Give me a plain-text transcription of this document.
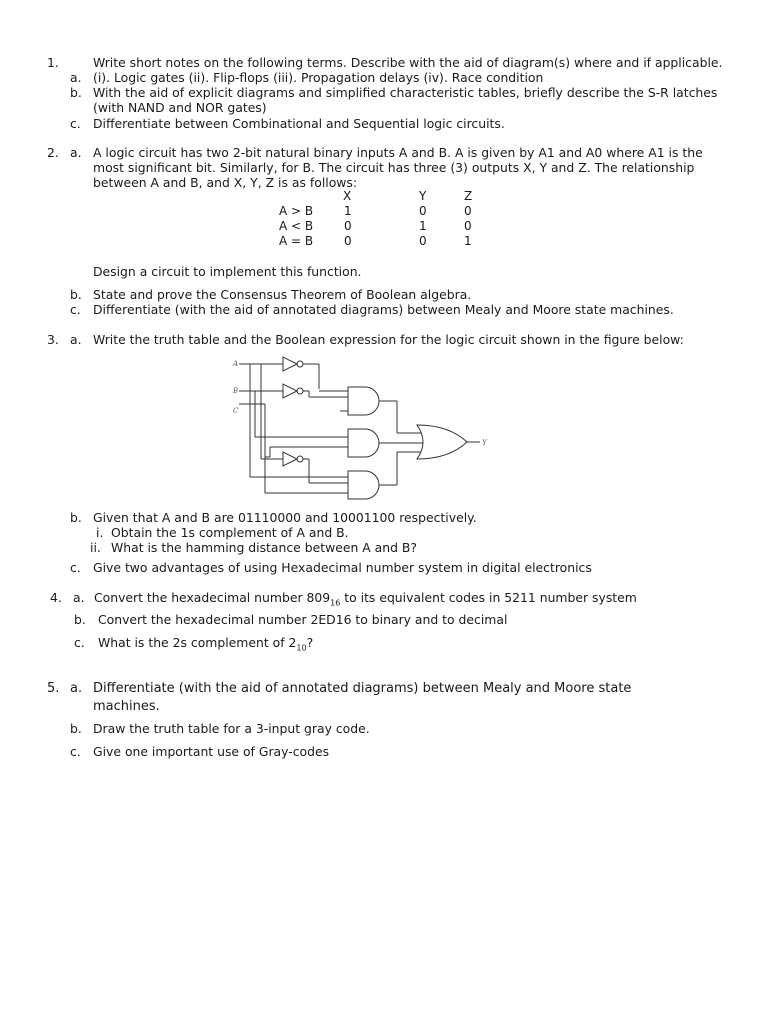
1.	Write short notes on the following terms. Describe with the aid of diagram(s) where and if applicable.
a. (i). Logic gates (ii). Flip-flops (iii). Propagation delays (iv). Race condition
b. With the aid of explicit diagrams and simplified characteristic tables, briefly describe the S-R latches
(with NAND and NOR gates)
c. Differentiate between Combinational and Sequential logic circuits.
2. a. A logic circuit has two 2-bit natural binary inputs A and B. A is given by A1 and A0 where A1 is the
most significant bit. Similarly, for B. The circuit has three (3) outputs X, Y and Z. The relationship
between A and B, and X, Y, Z is as follows:
X	Y	Z
A > B	1	0	0
A < B	0	1	0
A = B	0	0	1
Design a circuit to implement this function.
b. State and prove the Consensus Theorem of Boolean algebra.
c. Differentiate (with the aid of annotated diagrams) between Mealy and Moore state machines.
3. a. Write the truth table and the Boolean expression for the logic circuit shown in the figure below:
A
B
C
Y
b. Given that A and B are 01110000 and 10001100 respectively.
i. Obtain the 1s complement of A and B.
ii. What is the hamming distance between A and B?
c. Give two advantages of using Hexadecimal number system in digital electronics
4. a. Convert the hexadecimal number $809_{16}$ to its equivalent codes in 5211 number system
b. Convert the hexadecimal number 2ED16 to binary and to decimal
c. What is the 2s complement of $2_{10}$?
5. a. Differentiate (with the aid of annotated diagrams) between Mealy and Moore state
machines.
b. Draw the truth table for a 3-input gray code.
c. Give one important use of Gray-codes
